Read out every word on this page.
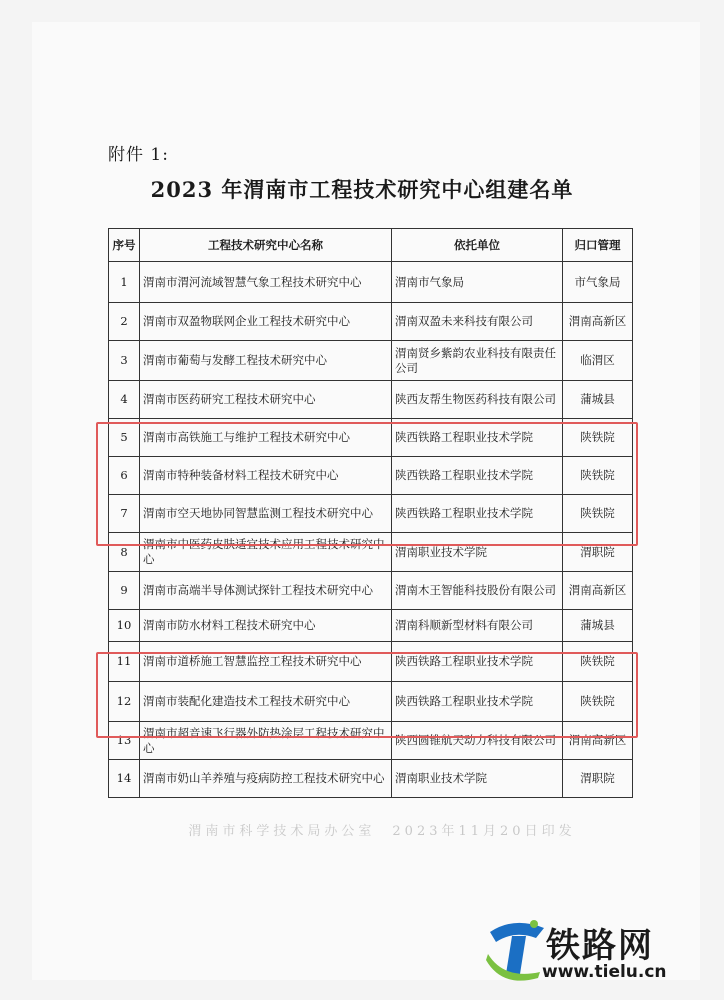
附件 1:
2023 年渭南市工程技术研究中心组建名单
序号	工程技术研究中心名称	依托单位	归口管理
1	渭南市渭河流域智慧气象工程技术研究中心	渭南市气象局	市气象局
2	渭南市双盈物联网企业工程技术研究中心	渭南双盈未来科技有限公司	渭南高新区
3	渭南市葡萄与发酵工程技术研究中心	渭南贤乡紫韵农业科技有限责任公司	临渭区
4	渭南市医药研究工程技术研究中心	陕西友帮生物医药科技有限公司	蒲城县
5	渭南市高铁施工与维护工程技术研究中心	陕西铁路工程职业技术学院	陕铁院
6	渭南市特种装备材料工程技术研究中心	陕西铁路工程职业技术学院	陕铁院
7	渭南市空天地协同智慧监测工程技术研究中心	陕西铁路工程职业技术学院	陕铁院
8	渭南市中医药皮肤适宜技术应用工程技术研究中心	渭南职业技术学院	渭职院
9	渭南市高端半导体测试探针工程技术研究中心	渭南木王智能科技股份有限公司	渭南高新区
10	渭南市防水材料工程技术研究中心	渭南科顺新型材料有限公司	蒲城县
11	渭南市道桥施工智慧监控工程技术研究中心	陕西铁路工程职业技术学院	陕铁院
12	渭南市装配化建造技术工程技术研究中心	陕西铁路工程职业技术学院	陕铁院
13	渭南市超音速飞行器外防热涂层工程技术研究中心	陕西圆锥航天动力科技有限公司	渭南高新区
14	渭南市奶山羊养殖与疫病防控工程技术研究中心	渭南职业技术学院	渭职院
渭南市科学技术局办公室　2023年11月20日印发
铁路网
www.tielu.cn
